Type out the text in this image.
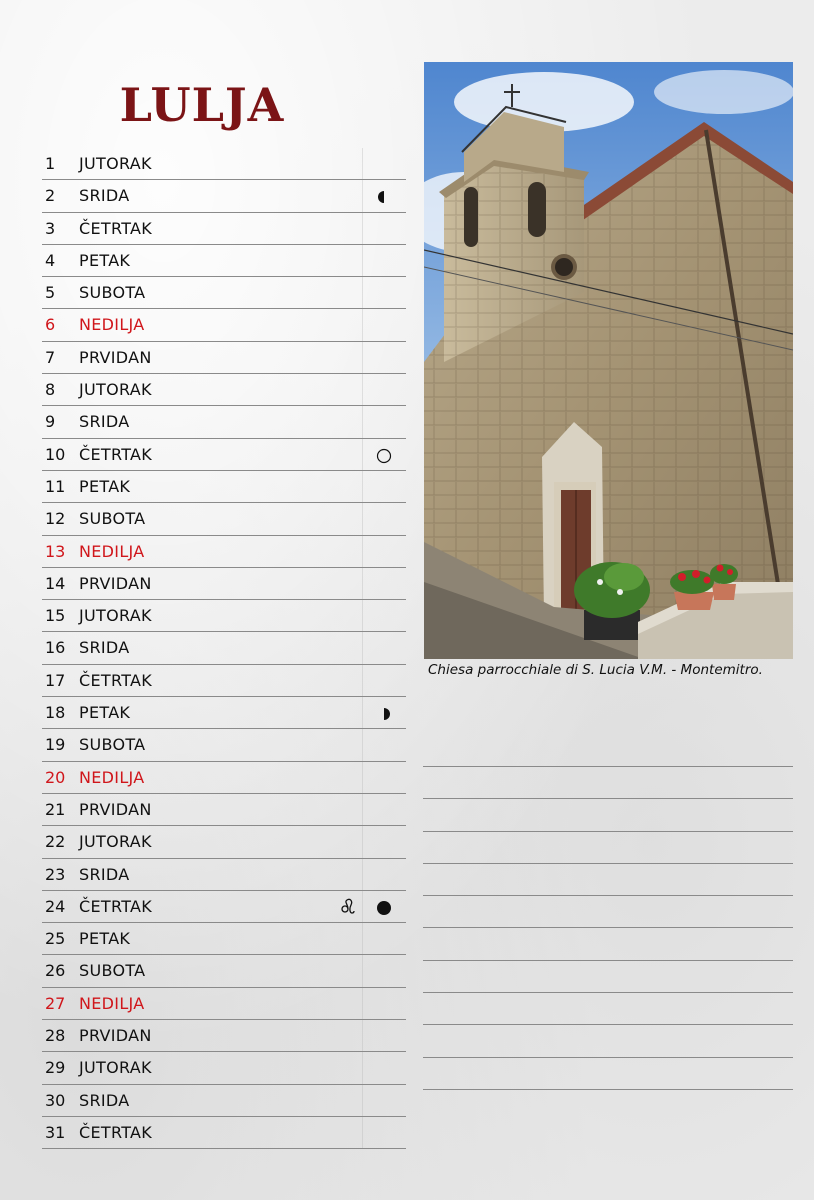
LULJA
1 JUTORAK
2 SRIDA
3 ČETRTAK
4 PETAK
5 SUBOTA
6 NEDILJA
7 PRVIDAN
8 JUTORAK
9 SRIDA
10 ČETRTAK
11 PETAK
12 SUBOTA
13 NEDILJA
14 PRVIDAN
15 JUTORAK
16 SRIDA
17 ČETRTAK
18 PETAK
19 SUBOTA
20 NEDILJA
21 PRVIDAN
22 JUTORAK
23 SRIDA
24 ČETRTAK
25 PETAK
26 SUBOTA
27 NEDILJA
28 PRVIDAN
29 JUTORAK
30 SRIDA
31 ČETRTAK

Chiesa parrocchiale di S. Lucia V.M. - Montemitro.
